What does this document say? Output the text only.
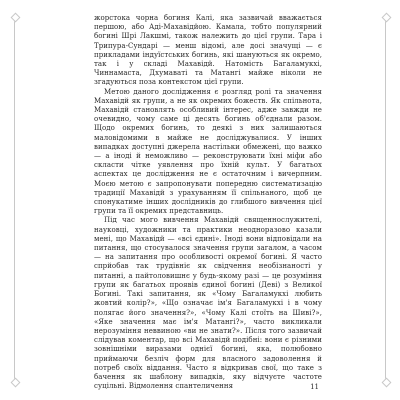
жорстока чорна богиня Калі, яка зазвичай вважається першою, або Аді-Махавідйою. Камала, тобто популярний богині Шрі Лакшмі, також належить до цієї групи. Тара і Трипура-Сундарі — менш відомі, але досі значущі — є прикладами індуїстських богинь, які шануються як окремо, так і у складі Махавідй. Натомість Багаламукхі, Чиннамаста, Дхумаваті та Матангі майже ніколи не згадуються поза контекстом цієї групи.

Метою даного дослідження є розгляд ролі та значення Махавідй як групи, а не як окремих божеств. Як спільнота, Махавідй становлять особливий інтерес, адже завжди не очевидно, чому саме ці десять богинь об'єднали разом. Щодо окремих богинь, то деякі з них залишаються маловідомими в майже не досліджувалися. У інших випадках доступні джерела настільки обмежені, що важко — а іноді й неможливо — реконструювати їхні міфи або скласти чітке уявлення про їхній культ. У багатьох аспектах це дослідження не є остаточним і вичерпним. Моєю метою є запропонувати попередню систематизацію традиції Махавідй з урахуванням її спільнаного, щоб це спонукатиме інших дослідників до глибшого вивчення цієї групи та її окремих представниць.

Під час мого вивчення Махавідй священнослужителі, науковці, художники та практики неодноразово казали мені, що Махавідй — «всі єдині». Іноді вони відповідали на питання, що стосувалося значення групи загалом, а часом — на запитання про особливості окремої богині. Я часто спрйобав так трудівніє як свідчення необізнаності у питанні, а пайтоловишнє у будь-якому разі — це розуміння групи як багатьох проявів єдиної богині (Деві) з Великої Богині. Такі запитання, як «Чому Багаламукхі любить жовтий колір?», «Що означає ім'я Багаламукхі і в чому полягає його значення?», «Чому Калі стоїть на Шиві?», «Яке значення має ім'я Матангі?», часто викликали нерозуміння неввиною «ви не знати?». Після того зазвичай слідував коментар, що всі Махавідй подібні: вони є різними зовнішніми виразами однієї богині, яка, полюбовно приймаючи безліч форм для власного задоволення й потреб своїх віддання. Часто я відкривав свої, що таке з бачення як шаблону випадків, яку відчуєте частоте суцільні. Відмолення спантеличення	11
